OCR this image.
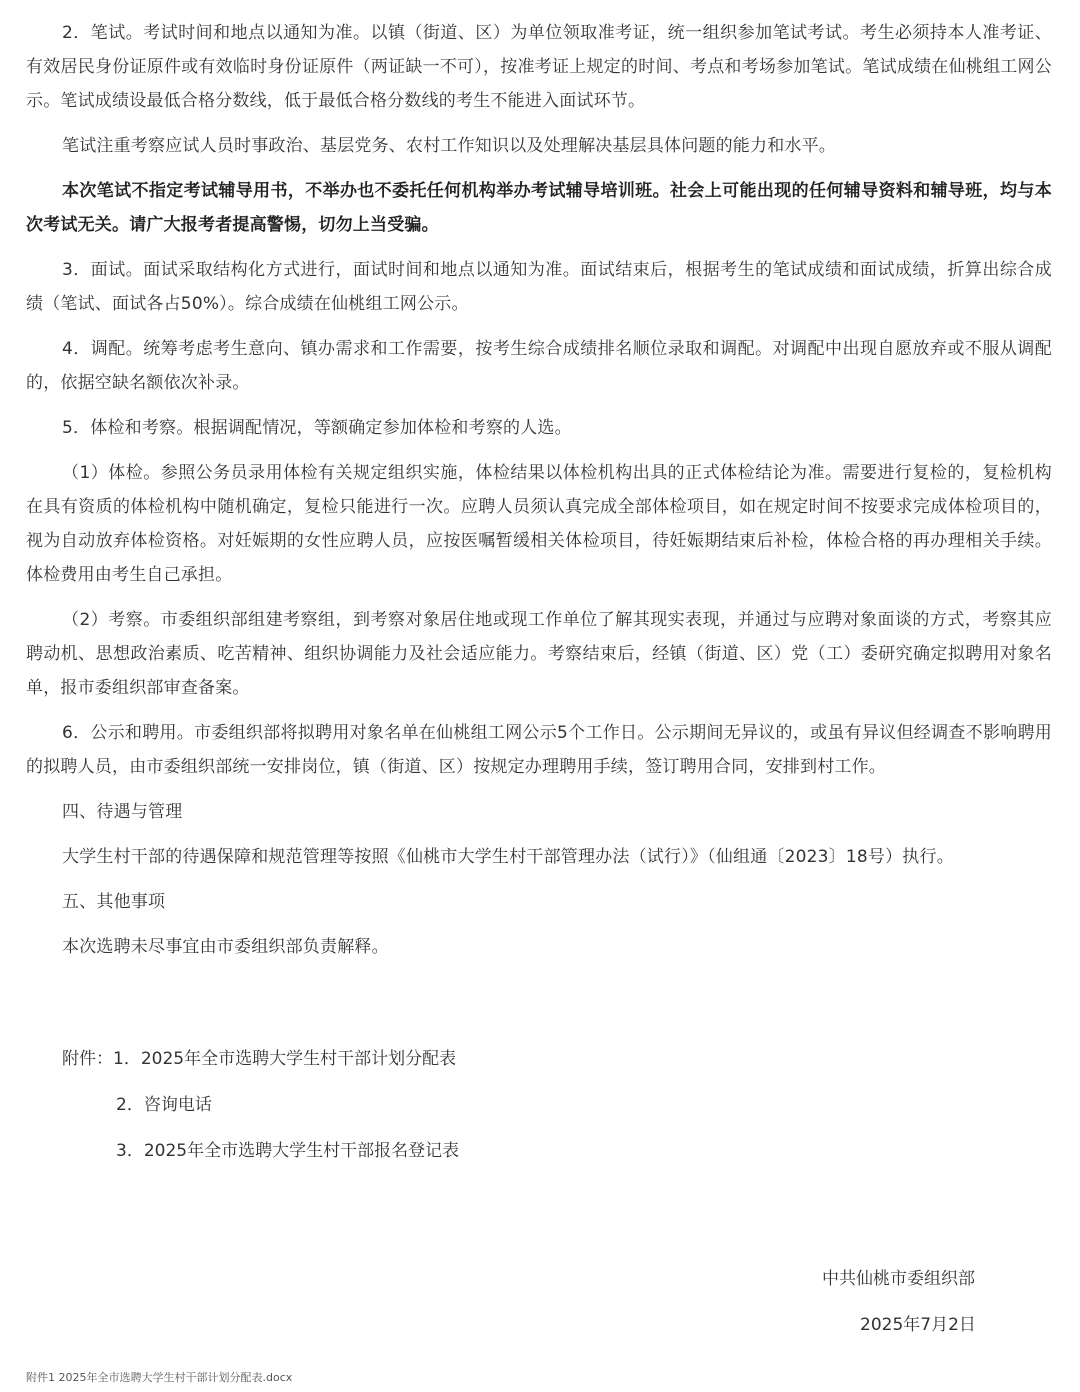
2．笔试。考试时间和地点以通知为准。以镇（街道、区）为单位领取准考证，统一组织参加笔试考试。考生必须持本人准考证、有效居民身份证原件或有效临时身份证原件（两证缺一不可），按准考证上规定的时间、考点和考场参加笔试。笔试成绩在仙桃组工网公示。笔试成绩设最低合格分数线，低于最低合格分数线的考生不能进入面试环节。

笔试注重考察应试人员时事政治、基层党务、农村工作知识以及处理解决基层具体问题的能力和水平。

本次笔试不指定考试辅导用书，不举办也不委托任何机构举办考试辅导培训班。社会上可能出现的任何辅导资料和辅导班，均与本次考试无关。请广大报考者提高警惕，切勿上当受骗。

3．面试。面试采取结构化方式进行，面试时间和地点以通知为准。面试结束后，根据考生的笔试成绩和面试成绩，折算出综合成绩（笔试、面试各占50%）。综合成绩在仙桃组工网公示。

4．调配。统筹考虑考生意向、镇办需求和工作需要，按考生综合成绩排名顺位录取和调配。对调配中出现自愿放弃或不服从调配的，依据空缺名额依次补录。

5．体检和考察。根据调配情况，等额确定参加体检和考察的人选。

（1）体检。参照公务员录用体检有关规定组织实施，体检结果以体检机构出具的正式体检结论为准。需要进行复检的，复检机构在具有资质的体检机构中随机确定，复检只能进行一次。应聘人员须认真完成全部体检项目，如在规定时间不按要求完成体检项目的，视为自动放弃体检资格。对妊娠期的女性应聘人员，应按医嘱暂缓相关体检项目，待妊娠期结束后补检，体检合格的再办理相关手续。体检费用由考生自己承担。

（2）考察。市委组织部组建考察组，到考察对象居住地或现工作单位了解其现实表现，并通过与应聘对象面谈的方式，考察其应聘动机、思想政治素质、吃苦精神、组织协调能力及社会适应能力。考察结束后，经镇（街道、区）党（工）委研究确定拟聘用对象名单，报市委组织部审查备案。

6．公示和聘用。市委组织部将拟聘用对象名单在仙桃组工网公示5个工作日。公示期间无异议的，或虽有异议但经调查不影响聘用的拟聘人员，由市委组织部统一安排岗位，镇（街道、区）按规定办理聘用手续，签订聘用合同，安排到村工作。

四、待遇与管理

大学生村干部的待遇保障和规范管理等按照《仙桃市大学生村干部管理办法（试行）》（仙组通〔2023〕18号）执行。

五、其他事项

本次选聘未尽事宜由市委组织部负责解释。

附件：1．2025年全市选聘大学生村干部计划分配表
2．咨询电话
3．2025年全市选聘大学生村干部报名登记表
中共仙桃市委组织部
2025年7月2日
附件1 2025年全市选聘大学生村干部计划分配表.docx
